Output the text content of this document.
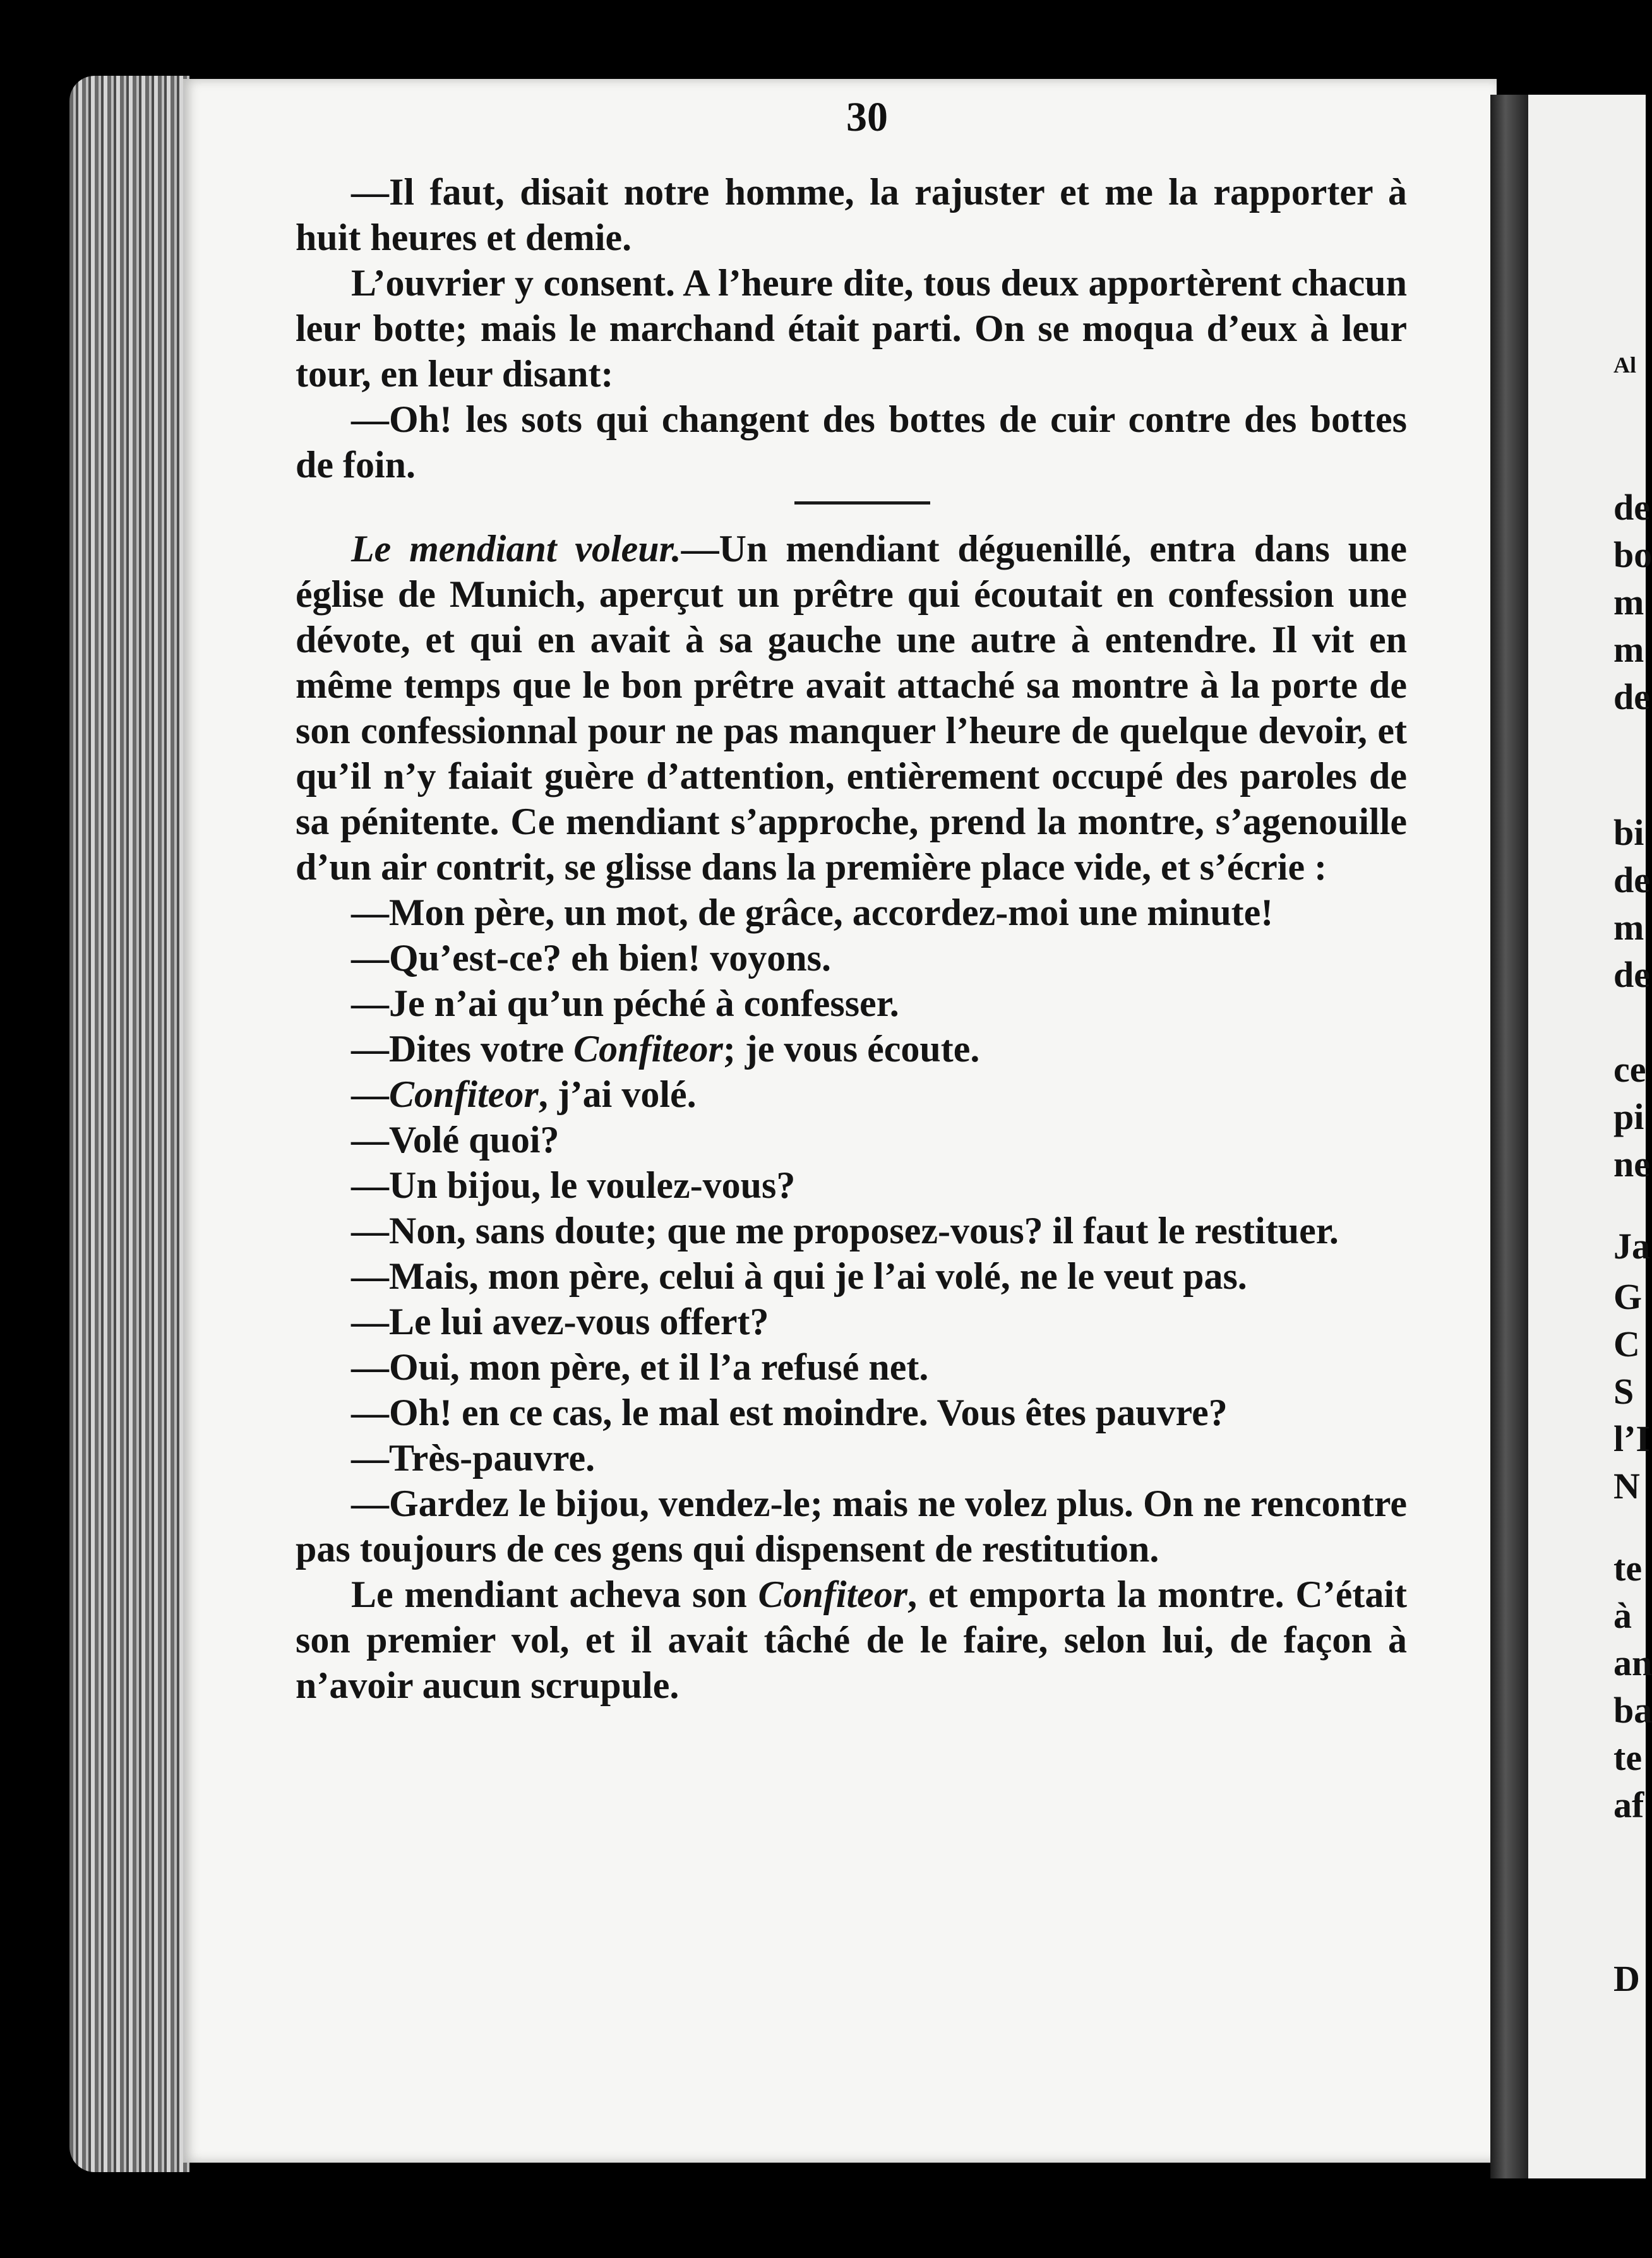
Al
de
bo
m
m
de
bi
de
m
de
ce
pi
ne
Ja
G
C
S
l’I
N
te
à
an
ba
te
af
D
30

—Il faut, disait notre homme, la rajuster et me la rapporter à huit heures et demie.

L’ouvrier y consent. A l’heure dite, tous deux apportèrent chacun leur botte; mais le marchand était parti. On se moqua d’eux à leur tour, en leur disant:

—Oh! les sots qui changent des bottes de cuir contre des bottes de foin.

Le mendiant voleur.—Un mendiant déguenillé, entra dans une église de Munich, aperçut un prêtre qui écoutait en confession une dévote, et qui en avait à sa gauche une autre à entendre. Il vit en même temps que le bon prêtre avait attaché sa montre à la porte de son confessionnal pour ne pas manquer l’heure de quelque devoir, et qu’il n’y faiait guère d’attention, entièrement occupé des paroles de sa pénitente. Ce mendiant s’approche, prend la montre, s’agenouille d’un air contrit, se glisse dans la première place vide, et s’écrie :

—Mon père, un mot, de grâce, accordez-moi une minute!

—Qu’est-ce? eh bien! voyons.

—Je n’ai qu’un péché à confesser.

—Dites votre Confiteor; je vous écoute.

—Confiteor, j’ai volé.

—Volé quoi?

—Un bijou, le voulez-vous?

—Non, sans doute; que me proposez-vous? il faut le restituer.

—Mais, mon père, celui à qui je l’ai volé, ne le veut pas.

—Le lui avez-vous offert?

—Oui, mon père, et il l’a refusé net.

—Oh! en ce cas, le mal est moindre. Vous êtes pauvre?

—Très-pauvre.

—Gardez le bijou, vendez-le; mais ne volez plus. On ne rencontre pas toujours de ces gens qui dispensent de restitution.

Le mendiant acheva son Confiteor, et emporta la montre. C’était son premier vol, et il avait tâché de le faire, selon lui, de façon à n’avoir aucun scrupule.
